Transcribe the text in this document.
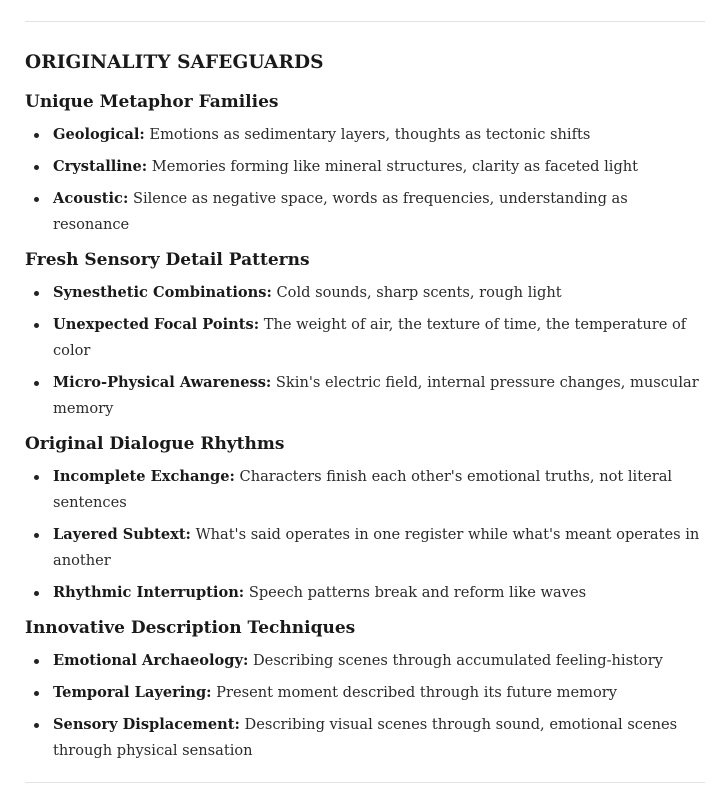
ORIGINALITY SAFEGUARDS
Unique Metaphor Families
Geological: Emotions as sedimentary layers, thoughts as tectonic shifts
Crystalline: Memories forming like mineral structures, clarity as faceted light
Acoustic: Silence as negative space, words as frequencies, understanding as resonance
Fresh Sensory Detail Patterns
Synesthetic Combinations: Cold sounds, sharp scents, rough light
Unexpected Focal Points: The weight of air, the texture of time, the temperature of color
Micro-Physical Awareness: Skin's electric field, internal pressure changes, muscular memory
Original Dialogue Rhythms
Incomplete Exchange: Characters finish each other's emotional truths, not literal sentences
Layered Subtext: What's said operates in one register while what's meant operates in another
Rhythmic Interruption: Speech patterns break and reform like waves
Innovative Description Techniques
Emotional Archaeology: Describing scenes through accumulated feeling-history
Temporal Layering: Present moment described through its future memory
Sensory Displacement: Describing visual scenes through sound, emotional scenes through physical sensation
